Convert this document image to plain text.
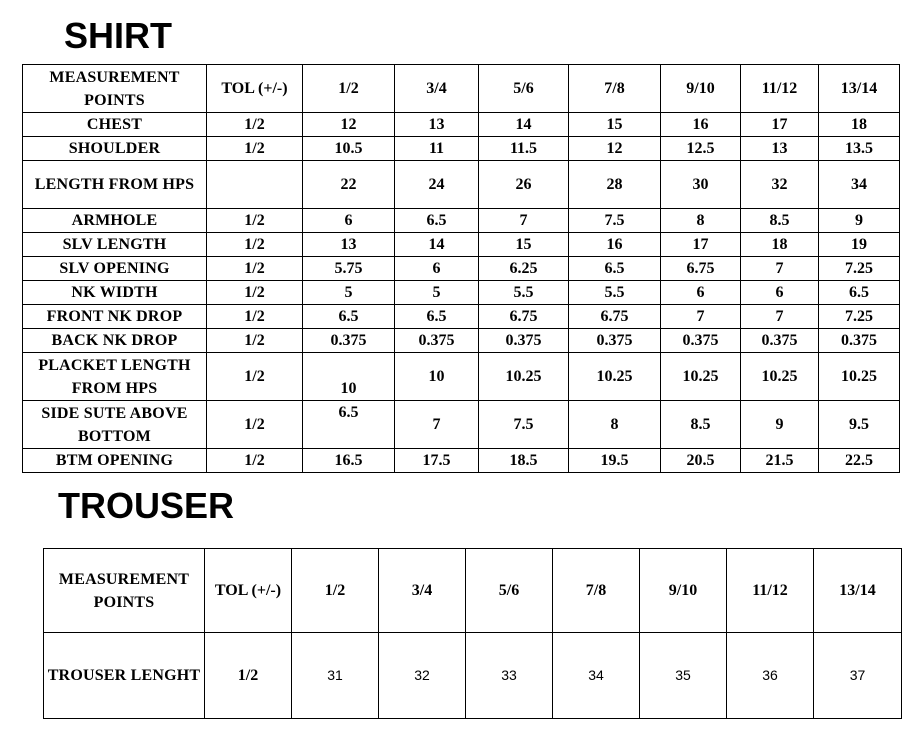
SHIRT
MEASUREMENT POINTS	TOL (+/-)	1/2	3/4	5/6	7/8	9/10	11/12	13/14
CHEST	1/2	12	13	14	15	16	17	18
SHOULDER	1/2	10.5	11	11.5	12	12.5	13	13.5
LENGTH FROM HPS		22	24	26	28	30	32	34
ARMHOLE	1/2	6	6.5	7	7.5	8	8.5	9
SLV LENGTH	1/2	13	14	15	16	17	18	19
SLV OPENING	1/2	5.75	6	6.25	6.5	6.75	7	7.25
NK WIDTH	1/2	5	5	5.5	5.5	6	6	6.5
FRONT NK DROP	1/2	6.5	6.5	6.75	6.75	7	7	7.25
BACK NK DROP	1/2	0.375	0.375	0.375	0.375	0.375	0.375	0.375
PLACKET LENGTH FROM HPS	1/2	10	10	10.25	10.25	10.25	10.25	10.25
SIDE SUTE ABOVE BOTTOM	1/2	6.5	7	7.5	8	8.5	9	9.5
BTM OPENING	1/2	16.5	17.5	18.5	19.5	20.5	21.5	22.5
TROUSER
MEASUREMENT POINTS	TOL (+/-)	1/2	3/4	5/6	7/8	9/10	11/12	13/14
TROUSER LENGHT	1/2	31	32	33	34	35	36	37
